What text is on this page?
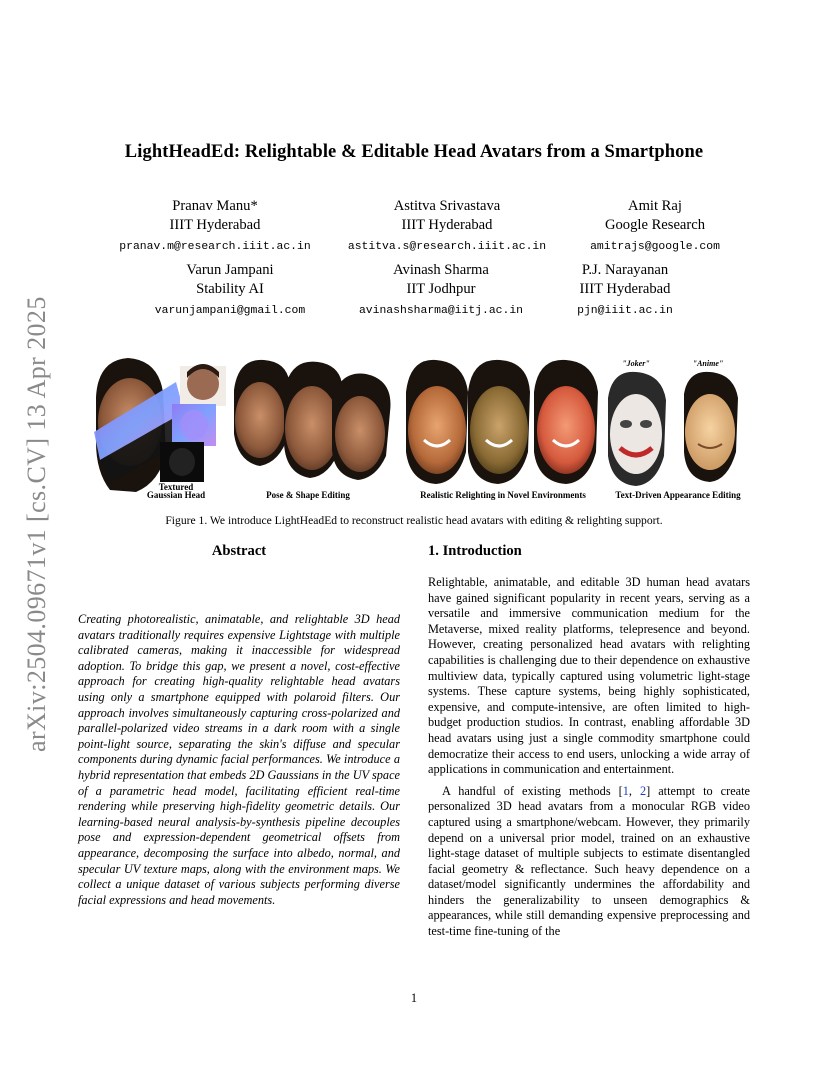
arXiv:2504.09671v1 [cs.CV] 13 Apr 2025
LightHeadEd: Relightable & Editable Head Avatars from a Smartphone
Pranav Manu*
IIIT Hyderabad
pranav.m@research.iiit.ac.in
Astitva Srivastava
IIIT Hyderabad
astitva.s@research.iiit.ac.in
Amit Raj
Google Research
amitrajs@google.com
Varun Jampani
Stability AI
varunjampani@gmail.com
Avinash Sharma
IIT Jodhpur
avinashsharma@iitj.ac.in
P.J. Narayanan
IIIT Hyderabad
pjn@iiit.ac.in
Textured
Gaussian Head	Pose & Shape Editing	Realistic Relighting in Novel Environments
"Joker"	"Anime"
Text-Driven Appearance Editing
Figure 1. We introduce LightHeadEd to reconstruct realistic head avatars with editing & relighting support.
Abstract
Creating photorealistic, animatable, and relightable 3D head avatars traditionally requires expensive Lightstage with multiple calibrated cameras, making it inaccessible for widespread adoption. To bridge this gap, we present a novel, cost-effective approach for creating high-quality relightable head avatars using only a smartphone equipped with polaroid filters. Our approach involves simultaneously capturing cross-polarized and parallel-polarized video streams in a dark room with a single point-light source, separating the skin's diffuse and specular components during dynamic facial performances. We introduce a hybrid representation that embeds 2D Gaussians in the UV space of a parametric head model, facilitating efficient real-time rendering while preserving high-fidelity geometric details. Our learning-based neural analysis-by-synthesis pipeline decouples pose and expression-dependent geometrical offsets from appearance, decomposing the surface into albedo, normal, and specular UV texture maps, along with the environment maps. We collect a unique dataset of various subjects performing diverse facial expressions and head movements.
1. Introduction

Relightable, animatable, and editable 3D human head avatars have gained significant popularity in recent years, serving as a versatile and immersive communication medium for the Metaverse, mixed reality platforms, telepresence and beyond. However, creating personalized head avatars with relighting capabilities is challenging due to their dependence on exhaustive multiview data, typically captured using volumetric light-stage systems. These capture systems, being highly sophisticated, expensive, and compute-intensive, are often limited to high-budget production studios. In contrast, enabling affordable 3D head avatars using just a single commodity smartphone could democratize their access to end users, unlocking a wide array of applications in communication and entertainment.

A handful of existing methods [1, 2] attempt to create personalized 3D head avatars from a monocular RGB video captured using a smartphone/webcam. However, they primarily depend on a universal prior model, trained on an exhaustive light-stage dataset of multiple subjects to estimate disentangled facial geometry & reflectance. Such heavy dependence on a dataset/model significantly undermines the affordability and hinders the generalizability to unseen demographics & appearances, while still demanding expensive preprocessing and test-time fine-tuning of the

1
